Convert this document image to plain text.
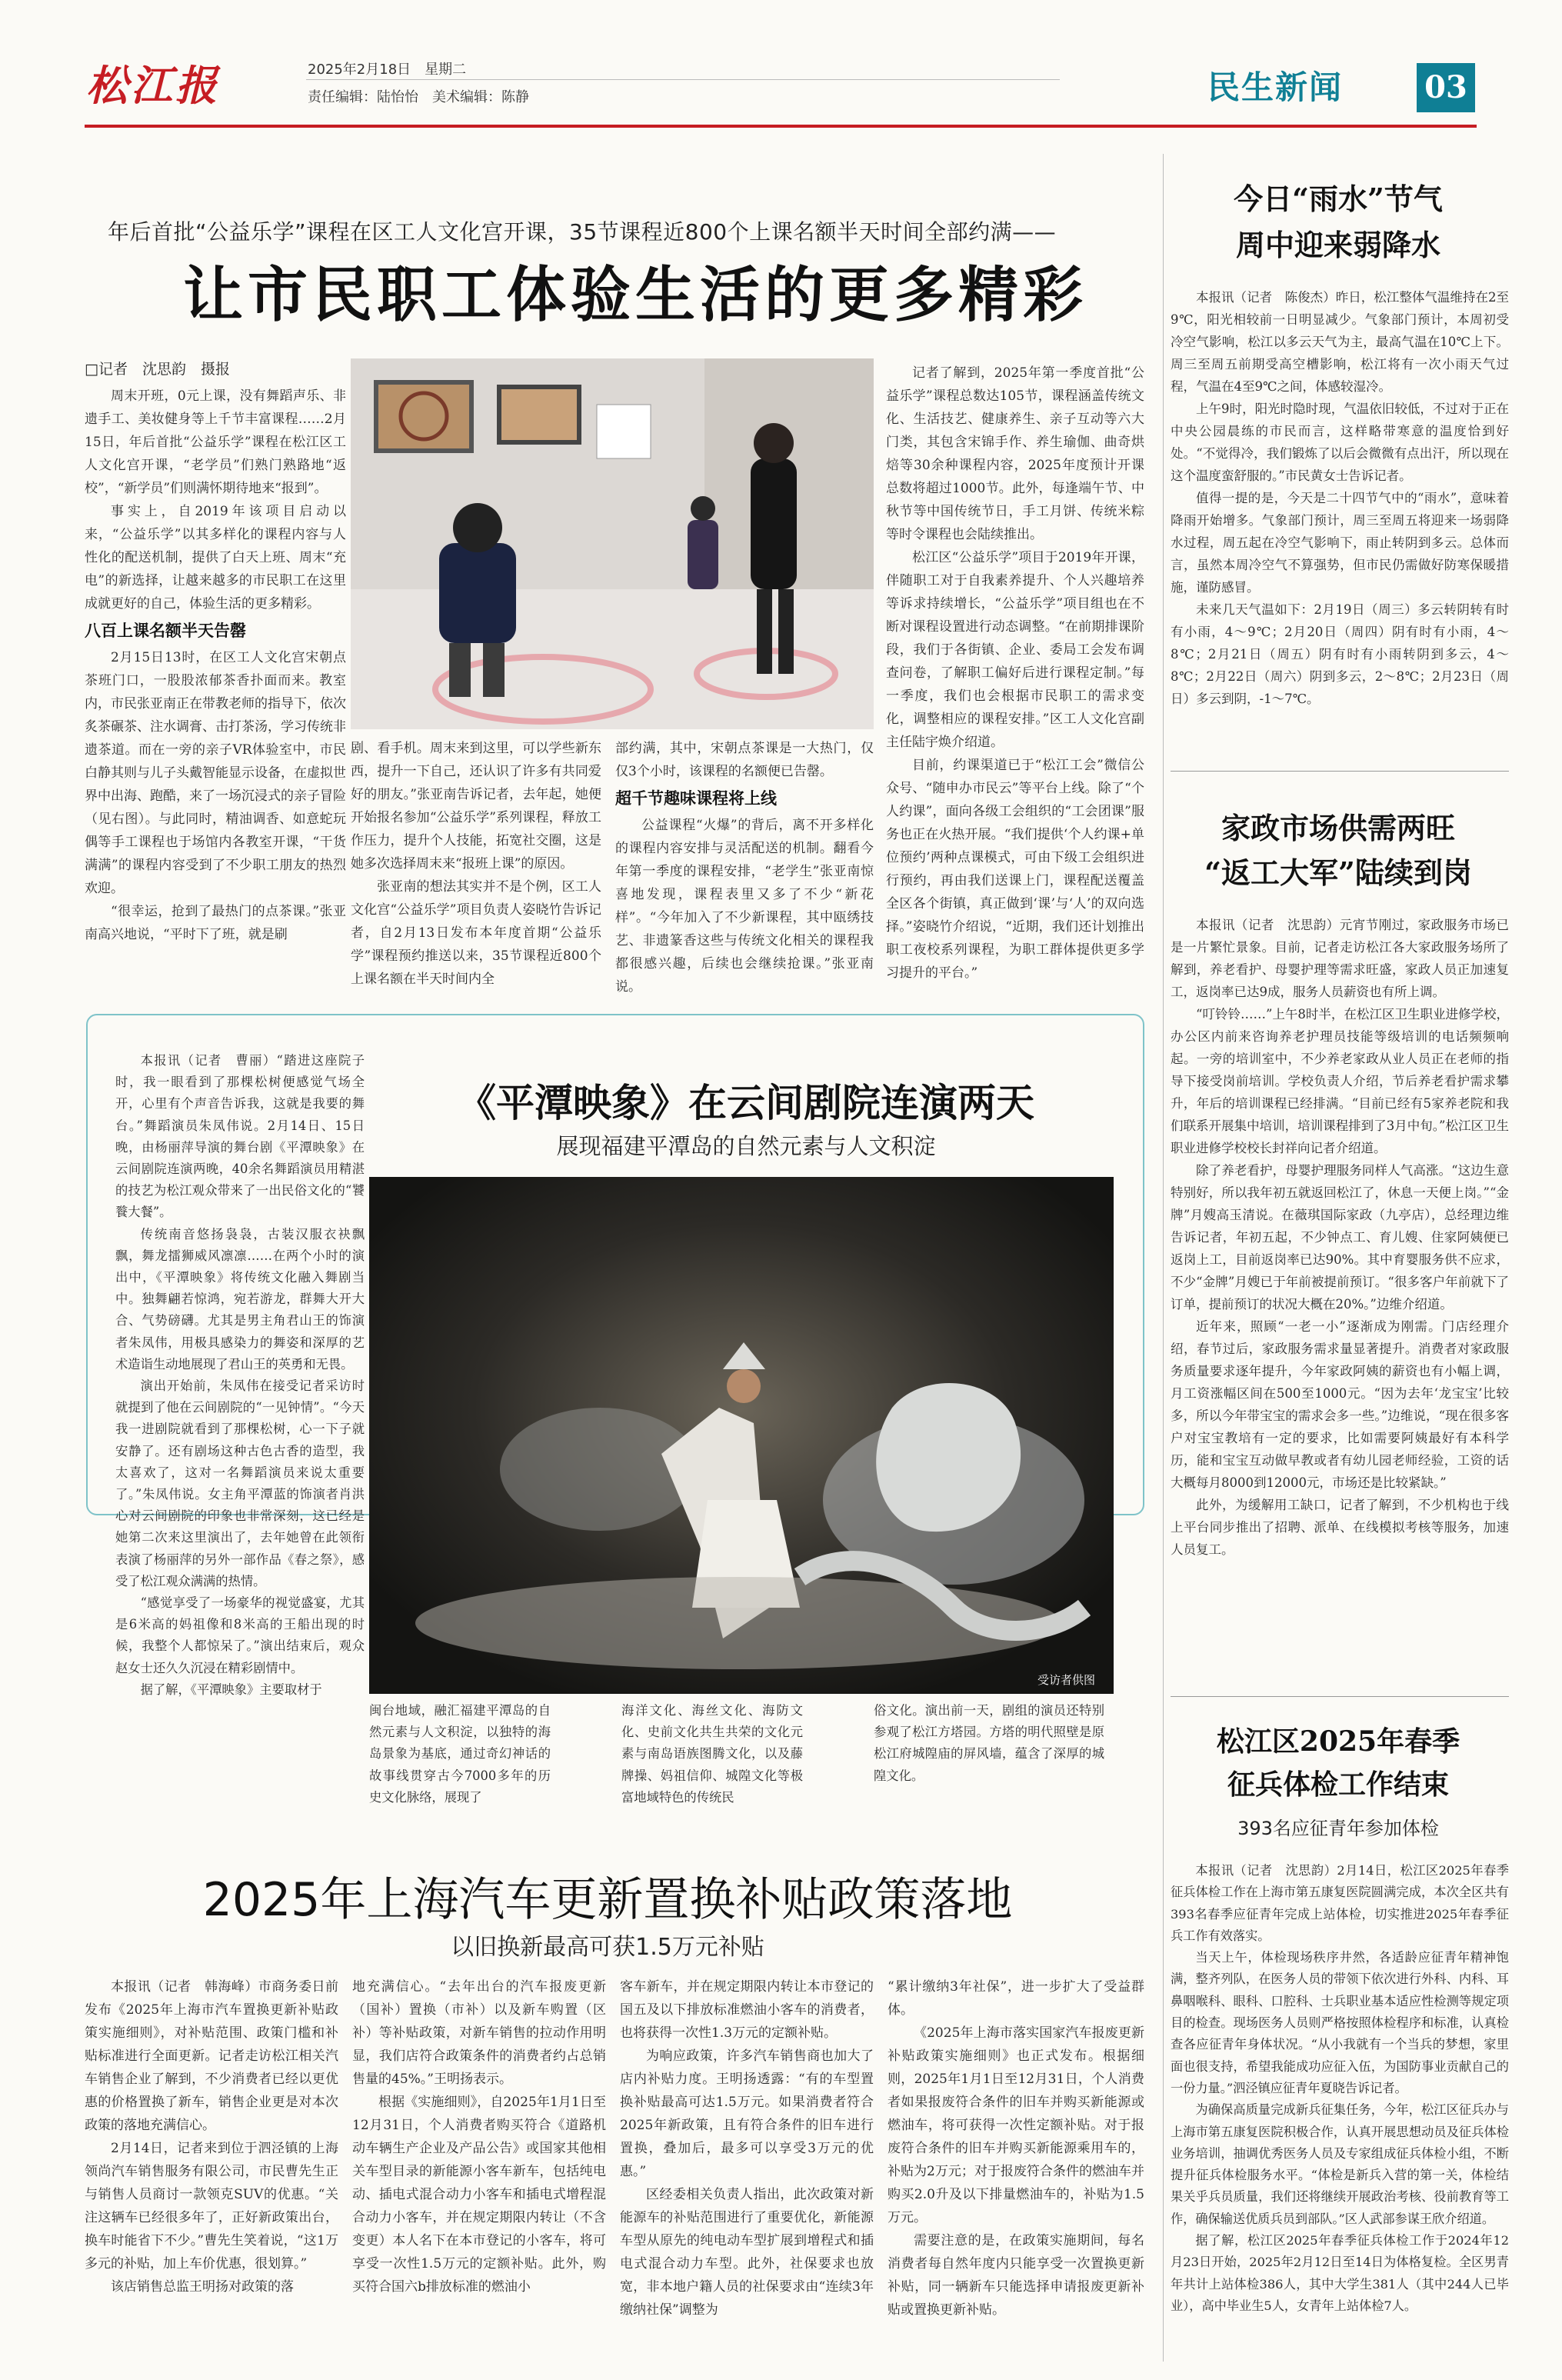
松江报	2025年2月18日　星期二
责任编辑：陆怡怡　美术编辑：陈静	民生新闻	03
年后首批“公益乐学”课程在区工人文化宫开课，35节课程近800个上课名额半天时间全部约满——
让市民职工体验生活的更多精彩
□记者　沈思韵　摄报

周末开班，0元上课，没有舞蹈声乐、非遗手工、美妆健身等上千节丰富课程……2月15日，年后首批“公益乐学”课程在松江区工人文化宫开课，“老学员”们熟门熟路地“返校”，“新学员”们则满怀期待地来“报到”。

事实上，自2019年该项目启动以来，“公益乐学”以其多样化的课程内容与人性化的配送机制，提供了白天上班、周末“充电”的新选择，让越来越多的市民职工在这里成就更好的自己，体验生活的更多精彩。

八百上课名额半天告罄

2月15日13时，在区工人文化宫宋朝点茶班门口，一股股浓郁茶香扑面而来。教室内，市民张亚南正在带教老师的指导下，依次炙茶碾茶、注水调膏、击打茶汤，学习传统非遗茶道。而在一旁的亲子VR体验室中，市民白静其则与儿子头戴智能显示设备，在虚拟世界中出海、跑酷，来了一场沉浸式的亲子冒险（见右图）。与此同时，精油调香、如意蛇玩偶等手工课程也于场馆内各教室开课，“干货满满”的课程内容受到了不少职工朋友的热烈欢迎。

“很幸运，抢到了最热门的点茶课。”张亚南高兴地说，“平时下了班，就是刷

剧、看手机。周末来到这里，可以学些新东西，提升一下自己，还认识了许多有共同爱好的朋友。”张亚南告诉记者，去年起，她便开始报名参加“公益乐学”系列课程，释放工作压力，提升个人技能，拓宽社交圈，这是她多次选择周末来“报班上课”的原因。

张亚南的想法其实并不是个例，区工人文化宫“公益乐学”项目负责人姿晓竹告诉记者，自2月13日发布本年度首期“公益乐学”课程预约推送以来，35节课程近800个上课名额在半天时间内全

部约满，其中，宋朝点茶课是一大热门，仅仅3个小时，该课程的名额便已告罄。

超千节趣味课程将上线

公益课程“火爆”的背后，离不开多样化的课程内容安排与灵活配送的机制。翻看今年第一季度的课程安排，“老学生”张亚南惊喜地发现，课程表里又多了不少“新花样”。“今年加入了不少新课程，其中瓯绣技艺、非遗篆香这些与传统文化相关的课程我都很感兴趣，后续也会继续抢课。”张亚南说。

记者了解到，2025年第一季度首批“公益乐学”课程总数达105节，课程涵盖传统文化、生活技艺、健康养生、亲子互动等六大门类，其包含宋锦手作、养生瑜伽、曲奇烘焙等30余种课程内容，2025年度预计开课总数将超过1000节。此外，每逢端午节、中秋节等中国传统节日，手工月饼、传统米粽等时令课程也会陆续推出。

松江区“公益乐学”项目于2019年开课，伴随职工对于自我素养提升、个人兴趣培养等诉求持续增长，“公益乐学”项目组也在不断对课程设置进行动态调整。“在前期排课阶段，我们于各街镇、企业、委局工会发布调查问卷，了解职工偏好后进行课程定制。”每一季度，我们也会根据市民职工的需求变化，调整相应的课程安排。”区工人文化宫副主任陆宇焕介绍道。

目前，约课渠道已于“松江工会”微信公众号、“随申办市民云”等平台上线。除了“个人约课”，面向各级工会组织的“工会团课”服务也正在火热开展。“我们提供‘个人约课+单位预约’两种点课模式，可由下级工会组织进行预约，再由我们送课上门，课程配送覆盖全区各个街镇，真正做到‘课’与‘人’的双向选择。”姿晓竹介绍说，“近期，我们还计划推出职工夜校系列课程，为职工群体提供更多学习提升的平台。”

本报讯（记者　曹丽）“踏进这座院子时，我一眼看到了那棵松树便感觉气场全开，心里有个声音告诉我，这就是我要的舞台。”舞蹈演员朱凤伟说。2月14日、15日晚，由杨丽萍导演的舞台剧《平潭映象》在云间剧院连演两晚，40余名舞蹈演员用精湛的技艺为松江观众带来了一出民俗文化的“饕餮大餐”。

传统南音悠扬袅袅，古装汉服衣袂飘飘，舞龙擂狮威风凛凛……在两个小时的演出中，《平潭映象》将传统文化融入舞剧当中。独舞翩若惊鸿，宛若游龙，群舞大开大合、气势磅礴。尤其是男主角君山王的饰演者朱凤伟，用极具感染力的舞姿和深厚的艺术造诣生动地展现了君山王的英勇和无畏。

演出开始前，朱凤伟在接受记者采访时就提到了他在云间剧院的“一见钟情”。“今天我一进剧院就看到了那棵松树，心一下子就安静了。还有剧场这种古色古香的造型，我太喜欢了，这对一名舞蹈演员来说太重要了。”朱凤伟说。女主角平潭蓝的饰演者肖洪心对云间剧院的印象也非常深刻，这已经是她第二次来这里演出了，去年她曾在此领衔表演了杨丽萍的另外一部作品《春之祭》，感受了松江观众满满的热情。

“感觉享受了一场豪华的视觉盛宴，尤其是6米高的妈祖像和8米高的王船出现的时候，我整个人都惊呆了。”演出结束后，观众赵女士还久久沉浸在精彩剧情中。

据了解，《平潭映象》主要取材于

《平潭映象》在云间剧院连演两天
展现福建平潭岛的自然元素与人文积淀
受访者供图

闽台地域，融汇福建平潭岛的自然元素与人文积淀，以独特的海岛景象为基底，通过奇幻神话的故事线贯穿古今7000多年的历史文化脉络，展现了

海洋文化、海丝文化、海防文化、史前文化共生共荣的文化元素与南岛语族图腾文化，以及藤牌操、妈祖信仰、城隍文化等极富地域特色的传统民

俗文化。演出前一天，剧组的演员还特别参观了松江方塔园。方塔的明代照壁是原松江府城隍庙的屏风墙，蕴含了深厚的城隍文化。

2025年上海汽车更新置换补贴政策落地
以旧换新最高可获1.5万元补贴

本报讯（记者　韩海峰）市商务委日前发布《2025年上海市汽车置换更新补贴政策实施细则》，对补贴范围、政策门槛和补贴标准进行全面更新。记者走访松江相关汽车销售企业了解到，不少消费者已经以更优惠的价格置换了新车，销售企业更是对本次政策的落地充满信心。

2月14日，记者来到位于泗泾镇的上海领尚汽车销售服务有限公司，市民曹先生正与销售人员商讨一款领克SUV的优惠。“关注这辆车已经很多年了，正好新政策出台，换车时能省下不少。”曹先生笑着说，“这1万多元的补贴，加上车价优惠，很划算。”

该店销售总监王明扬对政策的落

地充满信心。“去年出台的汽车报废更新（国补）置换（市补）以及新车购置（区补）等补贴政策，对新车销售的拉动作用明显，我们店符合政策条件的消费者约占总销售量的45%。”王明扬表示。

根据《实施细则》，自2025年1月1日至12月31日，个人消费者购买符合《道路机动车辆生产企业及产品公告》或国家其他相关车型目录的新能源小客车新车，包括纯电动、插电式混合动力小客车和插电式增程混合动力小客车，并在规定期限内转让（不含变更）本人名下在本市登记的小客车，将可享受一次性1.5万元的定额补贴。此外，购买符合国六b排放标准的燃油小

客车新车，并在规定期限内转让本市登记的国五及以下排放标准燃油小客车的消费者，也将获得一次性1.3万元的定额补贴。

为响应政策，许多汽车销售商也加大了店内补贴力度。王明扬透露：“有的车型置换补贴最高可达1.5万元。如果消费者符合2025年新政策，且有符合条件的旧车进行置换，叠加后，最多可以享受3万元的优惠。”

区经委相关负责人指出，此次政策对新能源车的补贴范围进行了重要优化，新能源车型从原先的纯电动车型扩展到增程式和插电式混合动力车型。此外，社保要求也放宽，非本地户籍人员的社保要求由“连续3年缴纳社保”调整为

“累计缴纳3年社保”，进一步扩大了受益群体。

《2025年上海市落实国家汽车报废更新补贴政策实施细则》也正式发布。根据细则，2025年1月1日至12月31日，个人消费者如果报废符合条件的旧车并购买新能源或燃油车，将可获得一次性定额补贴。对于报废符合条件的旧车并购买新能源乘用车的，补贴为2万元；对于报废符合条件的燃油车并购买2.0升及以下排量燃油车的，补贴为1.5万元。

需要注意的是，在政策实施期间，每名消费者每自然年度内只能享受一次置换更新补贴，同一辆新车只能选择申请报废更新补贴或置换更新补贴。

今日“雨水”节气
周中迎来弱降水

本报讯（记者　陈俊杰）昨日，松江整体气温维持在2至9℃，阳光相较前一日明显减少。气象部门预计，本周初受冷空气影响，松江以多云天气为主，最高气温在10℃上下。周三至周五前期受高空槽影响，松江将有一次小雨天气过程，气温在4至9℃之间，体感较湿冷。

上午9时，阳光时隐时现，气温依旧较低，不过对于正在中央公园晨练的市民而言，这样略带寒意的温度恰到好处。“不觉得冷，我们锻炼了以后会微微有点出汗，所以现在这个温度蛮舒服的。”市民黄女士告诉记者。

值得一提的是，今天是二十四节气中的“雨水”，意味着降雨开始增多。气象部门预计，周三至周五将迎来一场弱降水过程，周五起在冷空气影响下，雨止转阴到多云。总体而言，虽然本周冷空气不算强势，但市民仍需做好防寒保暖措施，谨防感冒。

未来几天气温如下：2月19日（周三）多云转阴转有时有小雨，4～9℃；2月20日（周四）阴有时有小雨，4～8℃；2月21日（周五）阴有时有小雨转阴到多云，4～8℃；2月22日（周六）阴到多云，2～8℃；2月23日（周日）多云到阴，-1～7℃。

家政市场供需两旺
“返工大军”陆续到岗

本报讯（记者　沈思韵）元宵节刚过，家政服务市场已是一片繁忙景象。目前，记者走访松江各大家政服务场所了解到，养老看护、母婴护理等需求旺盛，家政人员正加速复工，返岗率已达9成，服务人员薪资也有所上调。

“叮铃铃……”上午8时半，在松江区卫生职业进修学校，办公区内前来咨询养老护理员技能等级培训的电话频频响起。一旁的培训室中，不少养老家政从业人员正在老师的指导下接受岗前培训。学校负责人介绍，节后养老看护需求攀升，年后的培训课程已经排满。“目前已经有5家养老院和我们联系开展集中培训，培训课程排到了3月中旬。”松江区卫生职业进修学校校长封祥向记者介绍道。

除了养老看护，母婴护理服务同样人气高涨。“这边生意特别好，所以我年初五就返回松江了，休息一天便上岗。”“金牌”月嫂高玉清说。在薇琪国际家政（九亭店），总经理边维告诉记者，年初五起，不少钟点工、育儿嫂、住家阿姨便已返岗上工，目前返岗率已达90%。其中育婴服务供不应求，不少“金牌”月嫂已于年前被提前预订。“很多客户年前就下了订单，提前预订的状况大概在20%。”边维介绍道。

近年来，照顾“一老一小”逐渐成为刚需。门店经理介绍，春节过后，家政服务需求量显著提升。消费者对家政服务质量要求逐年提升，今年家政阿姨的薪资也有小幅上调，月工资涨幅区间在500至1000元。“因为去年‘龙宝宝’比较多，所以今年带宝宝的需求会多一些。”边维说，“现在很多客户对宝宝教培有一定的要求，比如需要阿姨最好有本科学历，能和宝宝互动做早教或者有幼儿园老师经验，工资的话大概每月8000到12000元，市场还是比较紧缺。”

此外，为缓解用工缺口，记者了解到，不少机构也于线上平台同步推出了招聘、派单、在线模拟考核等服务，加速人员复工。

松江区2025年春季
征兵体检工作结束
393名应征青年参加体检

本报讯（记者　沈思韵）2月14日，松江区2025年春季征兵体检工作在上海市第五康复医院圆满完成，本次全区共有393名春季应征青年完成上站体检，切实推进2025年春季征兵工作有效落实。

当天上午，体检现场秩序井然，各适龄应征青年精神饱满，整齐列队，在医务人员的带领下依次进行外科、内科、耳鼻咽喉科、眼科、口腔科、士兵职业基本适应性检测等规定项目的检查。现场医务人员则严格按照体检程序和标准，认真检查各应征青年身体状况。“从小我就有一个当兵的梦想，家里面也很支持，希望我能成功应征入伍，为国防事业贡献自己的一份力量。”泗泾镇应征青年夏晓告诉记者。

为确保高质量完成新兵征集任务，今年，松江区征兵办与上海市第五康复医院积极合作，认真开展思想动员及征兵体检业务培训，抽调优秀医务人员及专家组成征兵体检小组，不断提升征兵体检服务水平。“体检是新兵入营的第一关，体检结果关乎兵员质量，我们还将继续开展政治考核、役前教育等工作，确保输送优质兵员到部队。”区人武部参谋王欣介绍道。

据了解，松江区2025年春季征兵体检工作于2024年12月23日开始，2025年2月12日至14日为体格复检。全区男青年共计上站体检386人，其中大学生381人（其中244人已毕业），高中毕业生5人，女青年上站体检7人。
